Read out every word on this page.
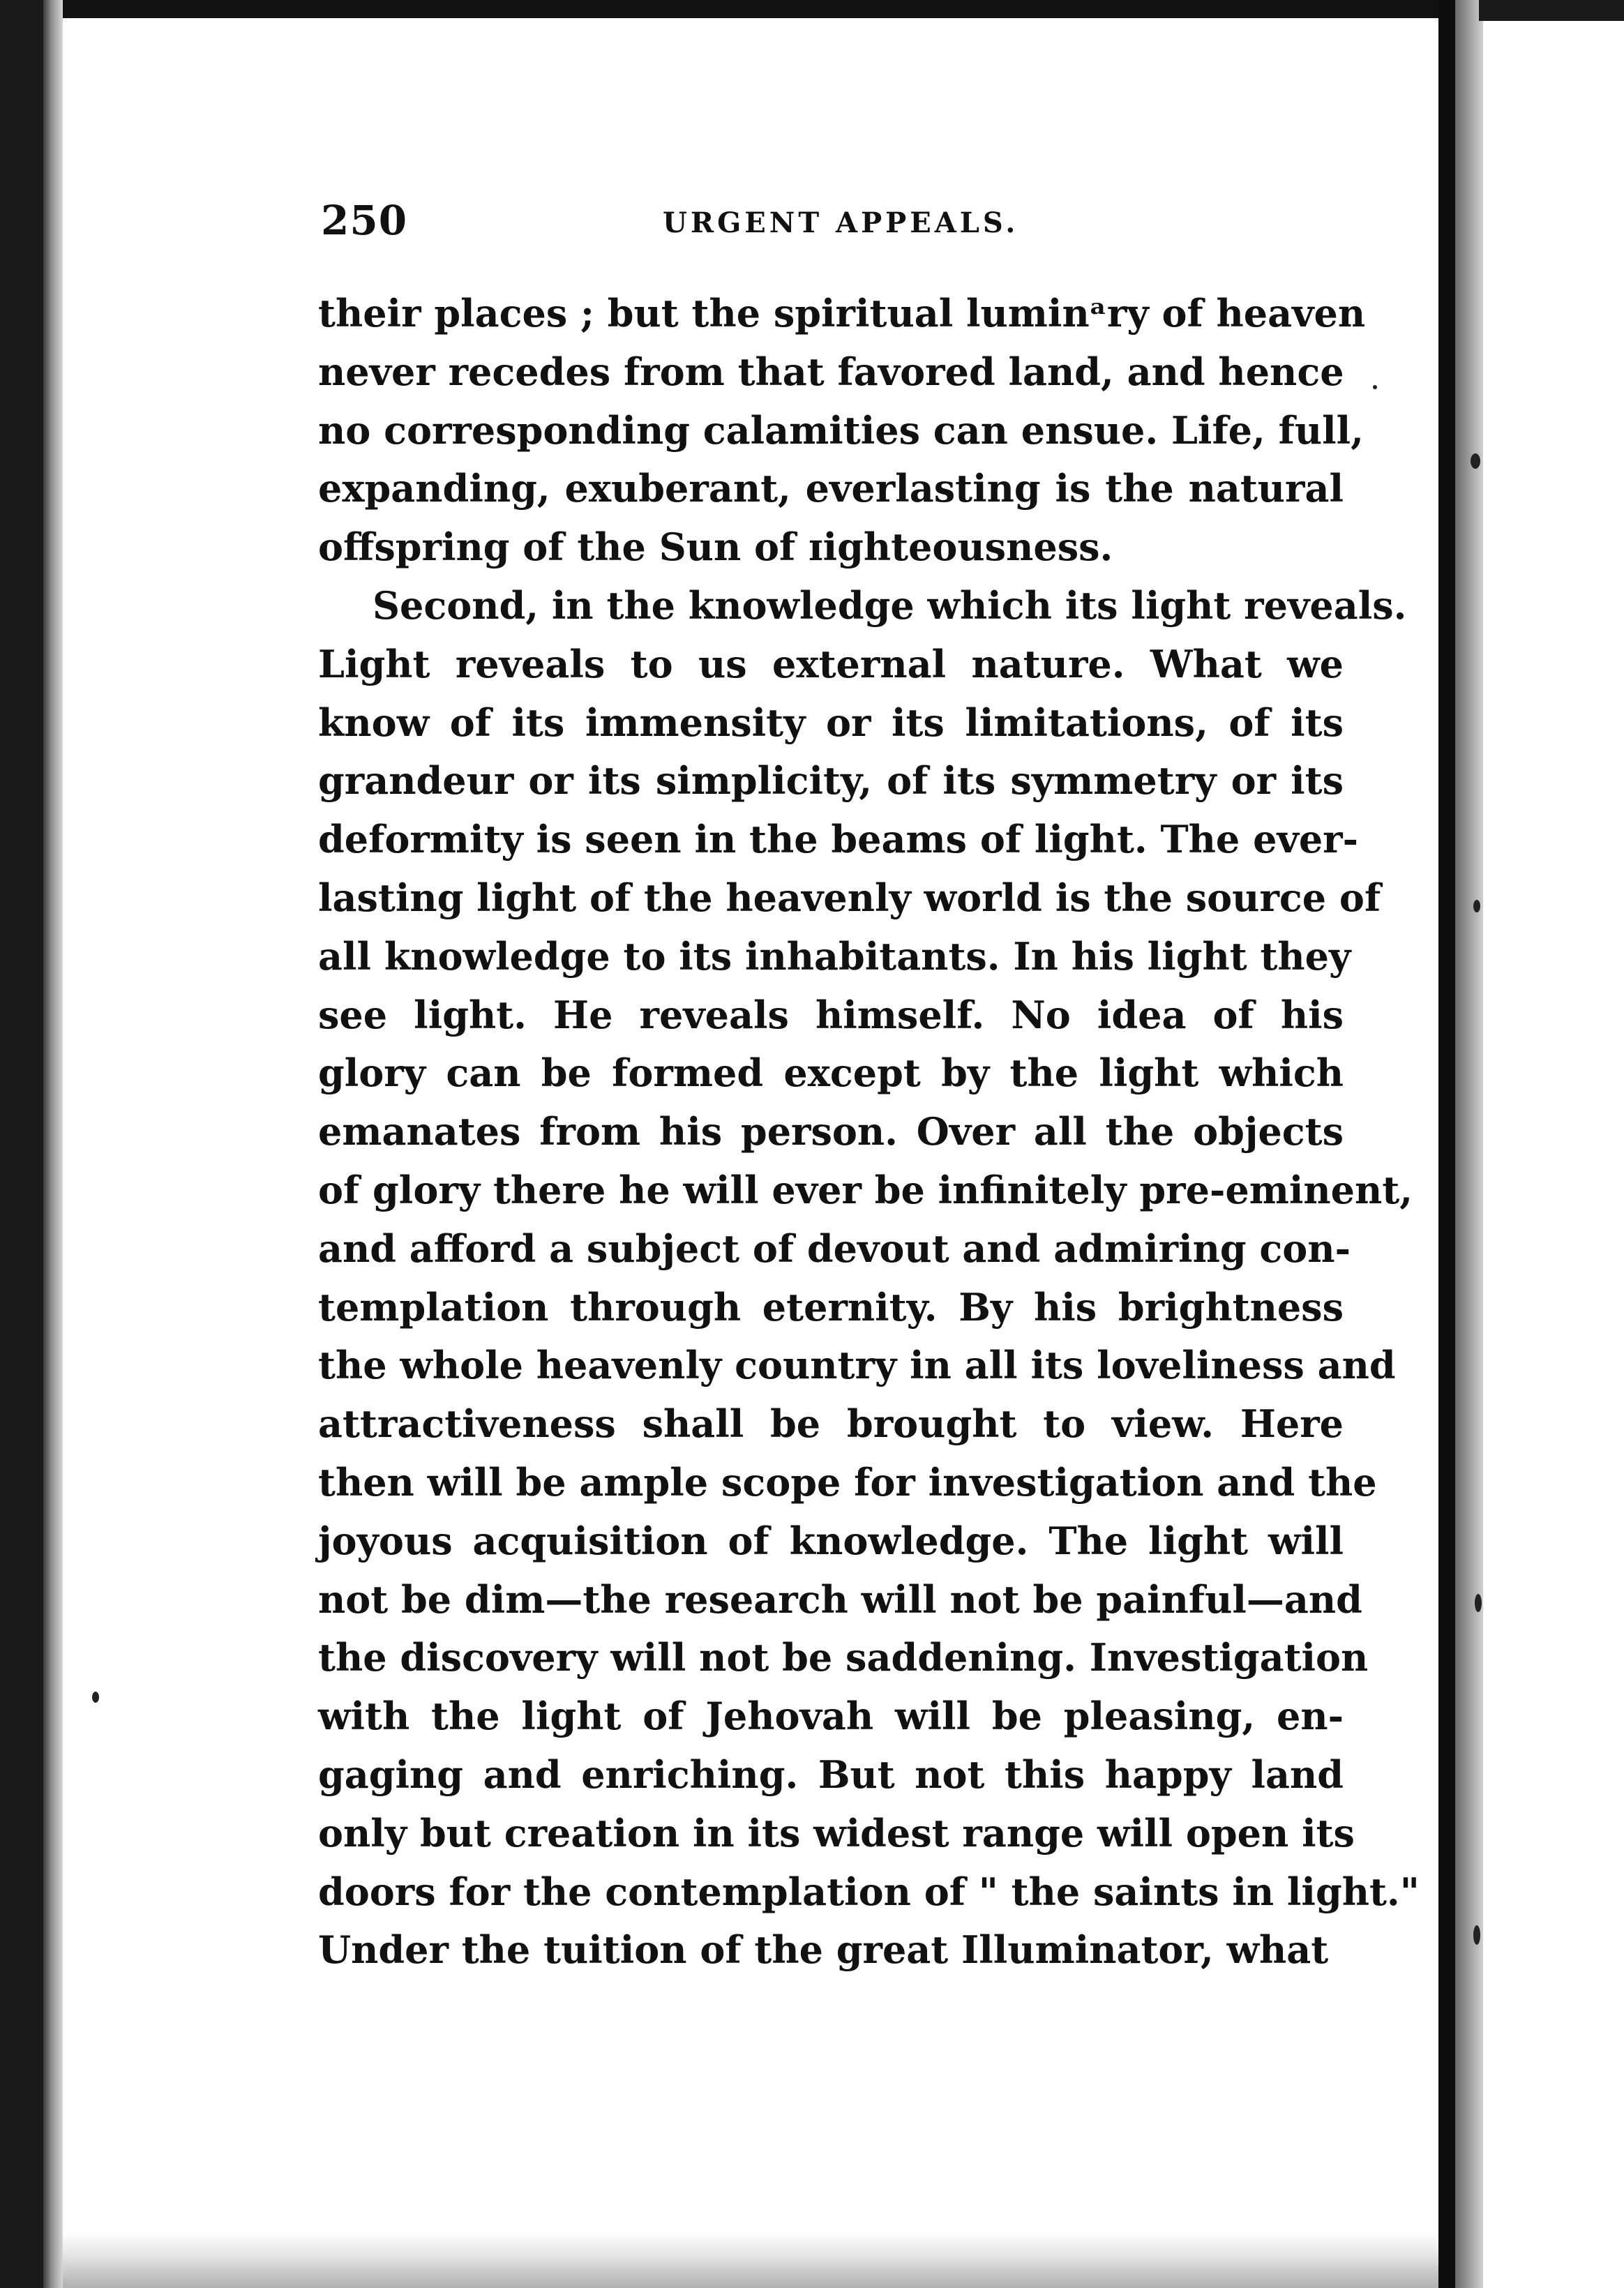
250	URGENT APPEALS.
their places ; but the spiritual luminᵃry of heaven
never recedes from that favored land, and hence
no corresponding calamities can ensue. Life, full,
expanding, exuberant, everlasting is the natural
offspring of the Sun of ɪighteousness.
Second, in the knowledge which its light reveals.
Light reveals to us external nature. What we
know of its immensity or its limitations, of its
grandeur or its simplicity, of its symmetry or its
deformity is seen in the beams of light. The ever-
lasting light of the heavenly world is the source of
all knowledge to its inhabitants. In his light they
see light. He reveals himself. No idea of his
glory can be formed except by the light which
emanates from his person. Over all the objects
of glory there he will ever be infinitely pre-eminent,
and afford a subject of devout and admiring con-
templation through eternity. By his brightness
the whole heavenly country in all its loveliness and
attractiveness shall be brought to view. Here
then will be ample scope for investigation and the
joyous acquisition of knowledge. The light will
not be dim—the research will not be painful—and
the discovery will not be saddening. Investigation
with the light of Jehovah will be pleasing, en-
gaging and enriching. But not this happy land
only but creation in its widest range will open its
doors for the contemplation of " the saints in light."
Under the tuition of the great Illuminator, what
